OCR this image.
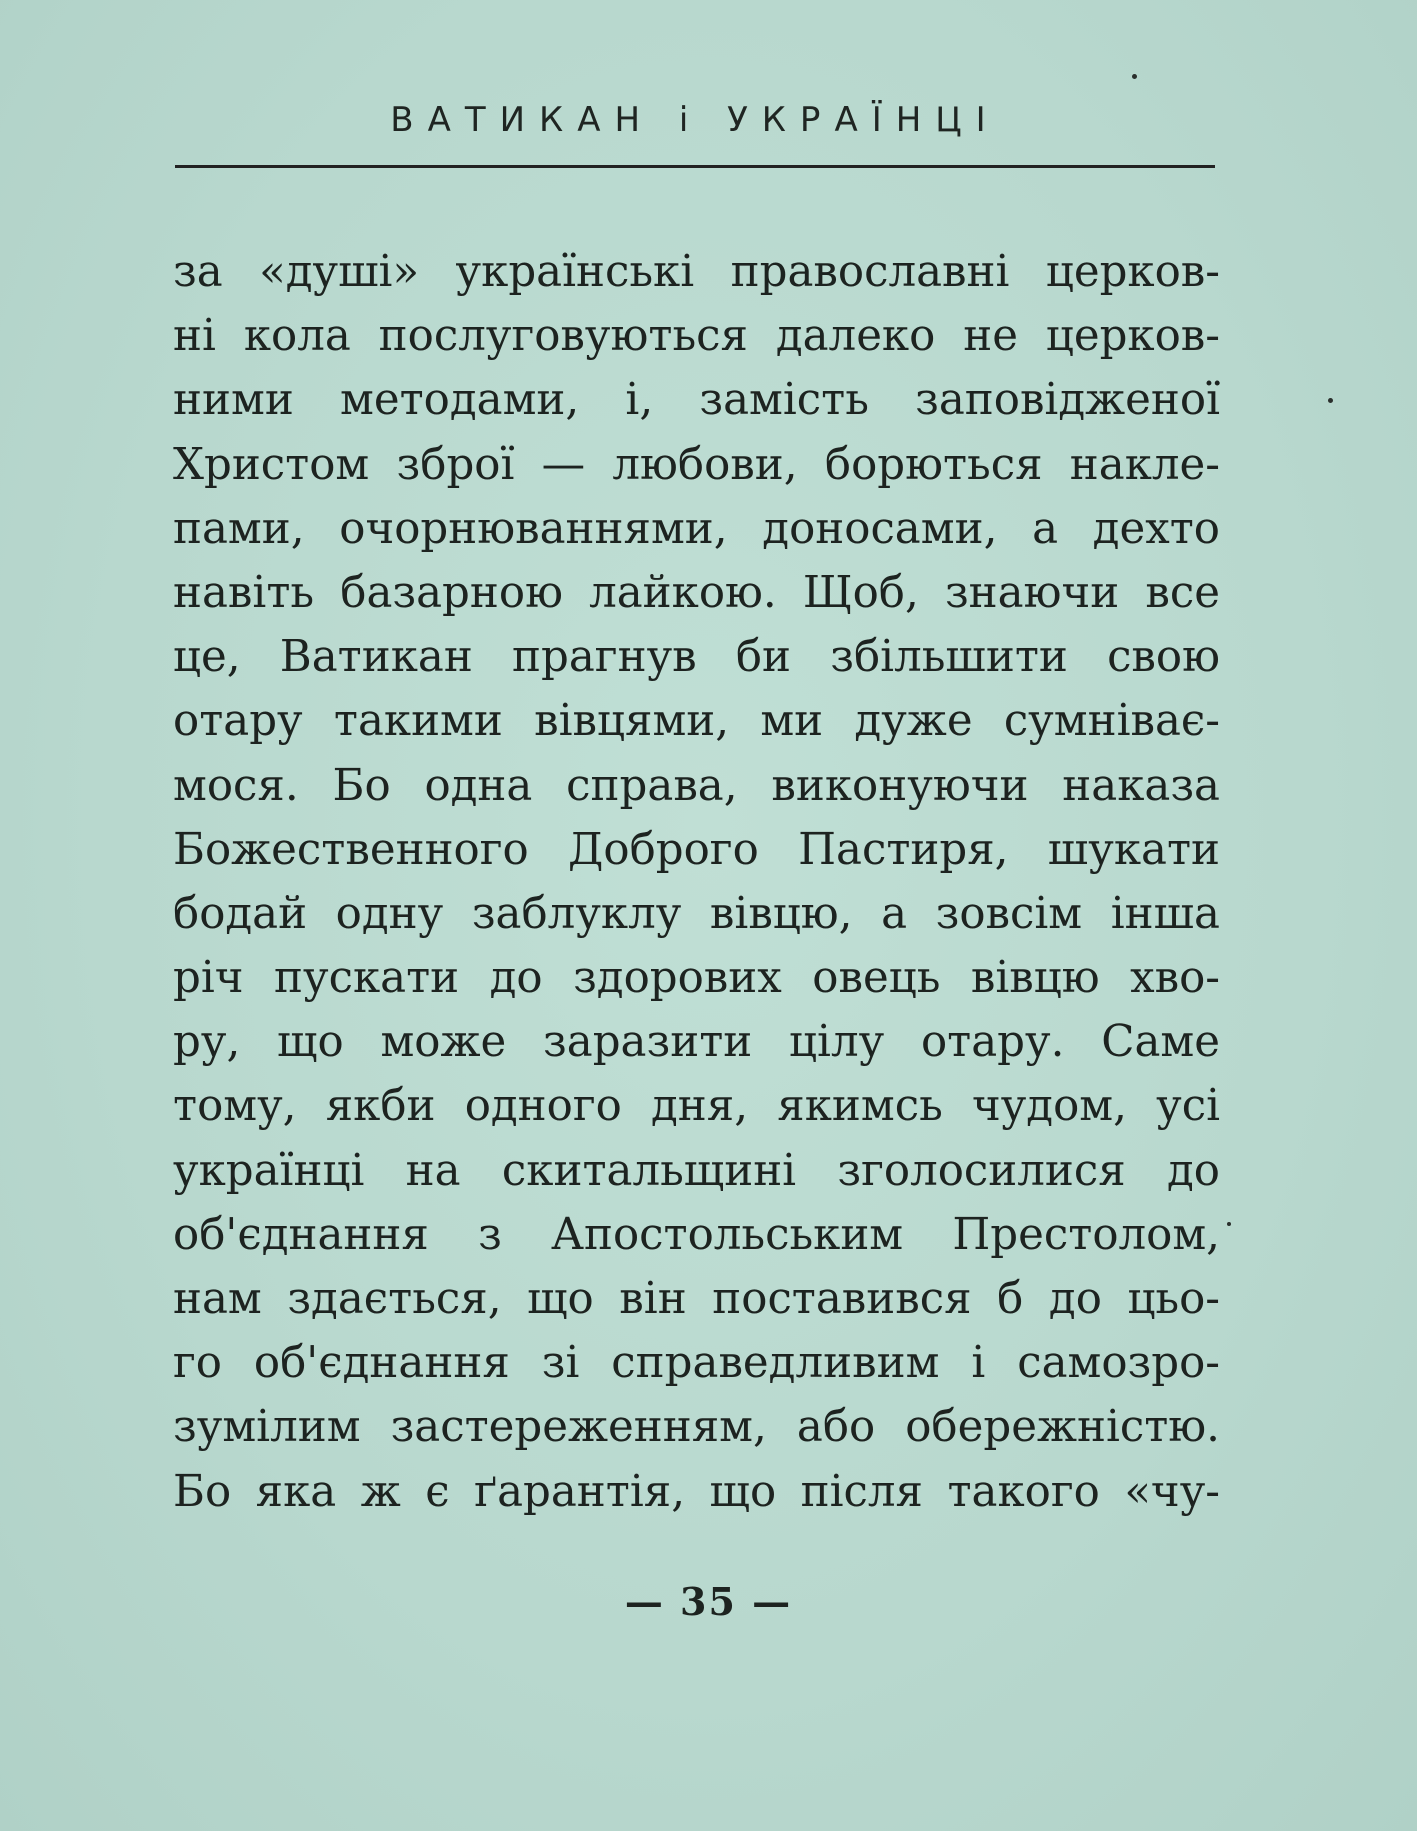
ВАТИКАН і УКРАЇНЦІ
за «душі» українські православні церков-
ні кола послуговуються далеко не церков-
ними методами, і, замість заповідженої
Христом зброї — любови, борються накле-
пами, очорнюваннями, доносами, а дехто
навіть базарною лайкою. Щоб, знаючи все
це, Ватикан прагнув би збільшити свою
отару такими вівцями, ми дуже сумніває-
мося. Бо одна справа, виконуючи наказа
Божественного Доброго Пастиря, шукати
бодай одну заблуклу вівцю, а зовсім інша
річ пускати до здорових овець вівцю хво-
ру, що може заразити цілу отару. Саме
тому, якби одного дня, якимсь чудом, усі
українці на скитальщині зголосилися до
об'єднання з Апостольським Престолом,
нам здається, що він поставився б до цьо-
го об'єднання зі справедливим і самозро-
зумілим застереженням, або обережністю.
Бо яка ж є ґарантія, що після такого «чу-
— 35 —
